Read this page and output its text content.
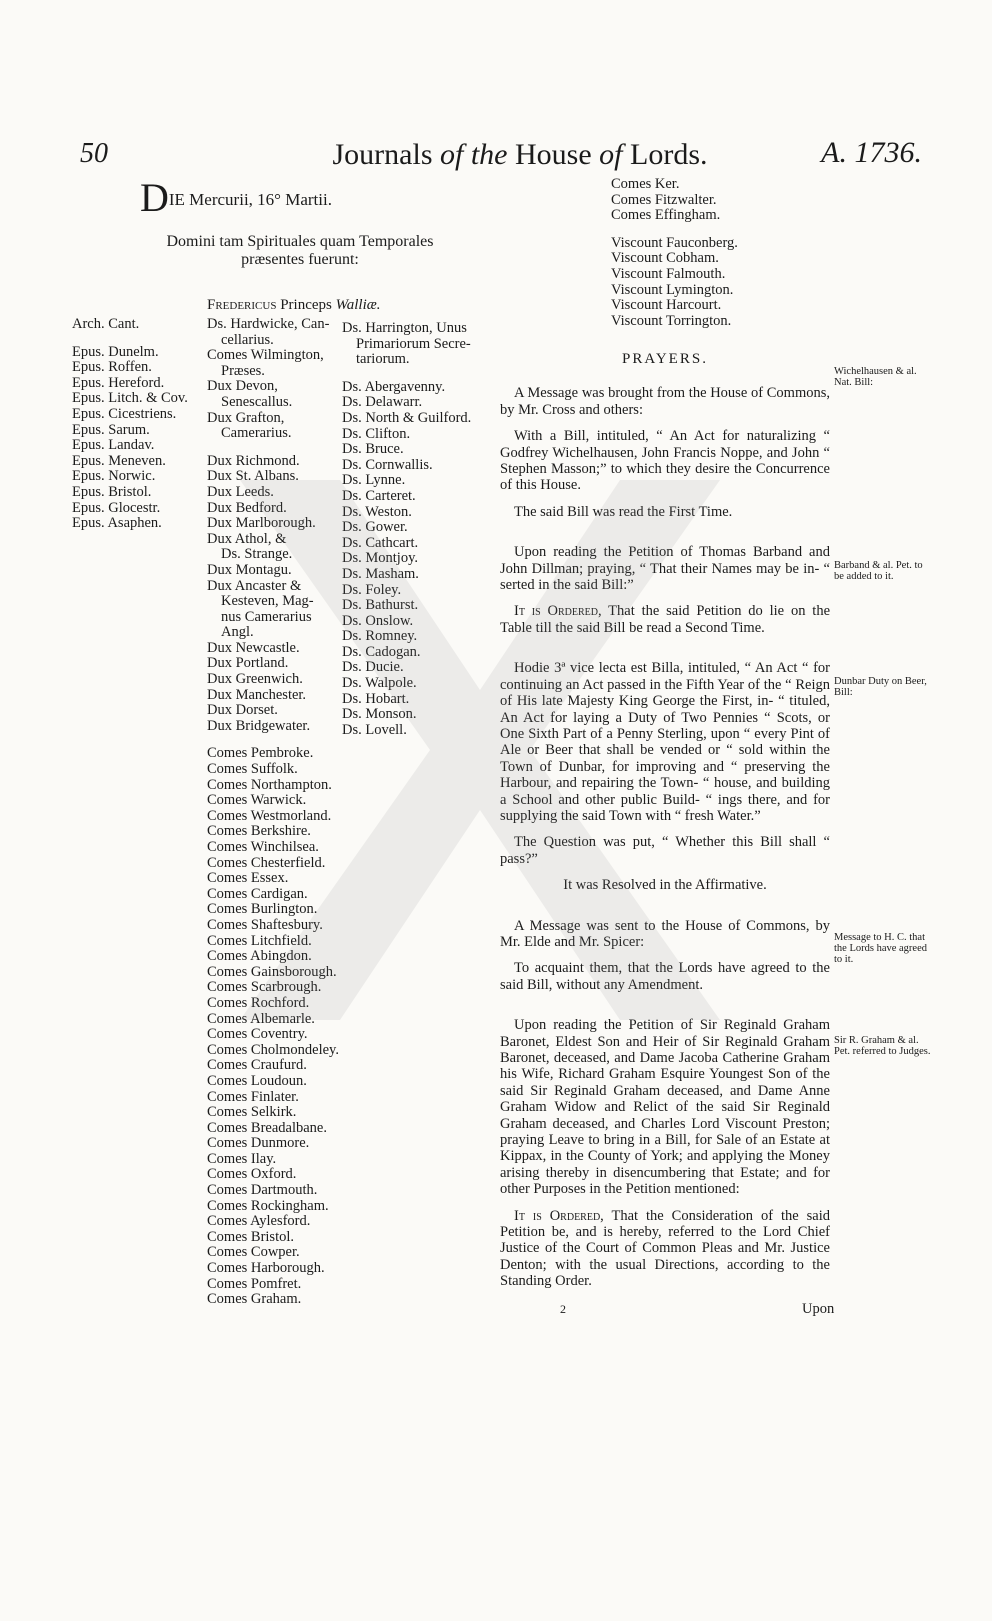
50	Journals of the House of Lords.	A. 1736.
DIE Mercurii, 16° Martii.
Domini tam Spirituales quam Temporales præsentes fuerunt:
Fredericus Princeps Walliæ.
Arch. Cant.
Epus. Dunelm.
Epus. Roffen.
Epus. Hereford.
Epus. Litch. & Cov.
Epus. Cicestriens.
Epus. Sarum.
Epus. Landav.
Epus. Meneven.
Epus. Norwic.
Epus. Bristol.
Epus. Glocestr.
Epus. Asaphen.
Ds. Hardwicke, Can-
cellarius.
Comes Wilmington,
Præses.
Dux Devon,
Senescallus.
Dux Grafton,
Camerarius.
Dux Richmond.
Dux St. Albans.
Dux Leeds.
Dux Bedford.
Dux Marlborough.
Dux Athol, &
Ds. Strange.
Dux Montagu.
Dux Ancaster &
Kesteven, Mag-
nus Camerarius
Angl.
Dux Newcastle.
Dux Portland.
Dux Greenwich.
Dux Manchester.
Dux Dorset.
Dux Bridgewater.
Comes Pembroke.
Comes Suffolk.
Comes Northampton.
Comes Warwick.
Comes Westmorland.
Comes Berkshire.
Comes Winchilsea.
Comes Chesterfield.
Comes Essex.
Comes Cardigan.
Comes Burlington.
Comes Shaftesbury.
Comes Litchfield.
Comes Abingdon.
Comes Gainsborough.
Comes Scarbrough.
Comes Rochford.
Comes Albemarle.
Comes Coventry.
Comes Cholmondeley.
Comes Craufurd.
Comes Loudoun.
Comes Finlater.
Comes Selkirk.
Comes Breadalbane.
Comes Dunmore.
Comes Ilay.
Comes Oxford.
Comes Dartmouth.
Comes Rockingham.
Comes Aylesford.
Comes Bristol.
Comes Cowper.
Comes Harborough.
Comes Pomfret.
Comes Graham.
Ds. Harrington, Unus
Primariorum Secre-
tariorum.
Ds. Abergavenny.
Ds. Delawarr.
Ds. North & Guilford.
Ds. Clifton.
Ds. Bruce.
Ds. Cornwallis.
Ds. Lynne.
Ds. Carteret.
Ds. Weston.
Ds. Gower.
Ds. Cathcart.
Ds. Montjoy.
Ds. Masham.
Ds. Foley.
Ds. Bathurst.
Ds. Onslow.
Ds. Romney.
Ds. Cadogan.
Ds. Ducie.
Ds. Walpole.
Ds. Hobart.
Ds. Monson.
Ds. Lovell.
Comes Ker.
Comes Fitzwalter.
Comes Effingham.
Viscount Fauconberg.
Viscount Cobham.
Viscount Falmouth.
Viscount Lymington.
Viscount Harcourt.
Viscount Torrington.
PRAYERS.

A Message was brought from the House of Commons, by Mr. Cross and others:

With a Bill, intituled, “ An Act for naturalizing “ Godfrey Wichelhausen, John Francis Noppe, and John “ Stephen Masson;” to which they desire the Concurrence of this House.

The said Bill was read the First Time.

Upon reading the Petition of Thomas Barband and John Dillman; praying, “ That their Names may be in- “ serted in the said Bill:”

It is Ordered, That the said Petition do lie on the Table till the said Bill be read a Second Time.

Hodie 3ª vice lecta est Billa, intituled, “ An Act “ for continuing an Act passed in the Fifth Year of the “ Reign of His late Majesty King George the First, in- “ tituled, An Act for laying a Duty of Two Pennies “ Scots, or One Sixth Part of a Penny Sterling, upon “ every Pint of Ale or Beer that shall be vended or “ sold within the Town of Dunbar, for improving and “ preserving the Harbour, and repairing the Town- “ house, and building a School and other public Build- “ ings there, and for supplying the said Town with “ fresh Water.”

The Question was put, “ Whether this Bill shall “ pass?”

It was Resolved in the Affirmative.

A Message was sent to the House of Commons, by Mr. Elde and Mr. Spicer:

To acquaint them, that the Lords have agreed to the said Bill, without any Amendment.

Upon reading the Petition of Sir Reginald Graham Baronet, Eldest Son and Heir of Sir Reginald Graham Baronet, deceased, and Dame Jacoba Catherine Graham his Wife, Richard Graham Esquire Youngest Son of the said Sir Reginald Graham deceased, and Dame Anne Graham Widow and Relict of the said Sir Reginald Graham deceased, and Charles Lord Viscount Preston; praying Leave to bring in a Bill, for Sale of an Estate at Kippax, in the County of York; and applying the Money arising thereby in disencumbering that Estate; and for other Purposes in the Petition mentioned:

It is Ordered, That the Consideration of the said Petition be, and is hereby, referred to the Lord Chief Justice of the Court of Common Pleas and Mr. Justice Denton; with the usual Directions, according to the Standing Order.

Wichelhausen & al. Nat. Bill:
Barband & al. Pet. to be added to it.
Dunbar Duty on Beer, Bill:
Message to H. C. that the Lords have agreed to it.
Sir R. Graham & al. Pet. referred to Judges.
2	Upon
